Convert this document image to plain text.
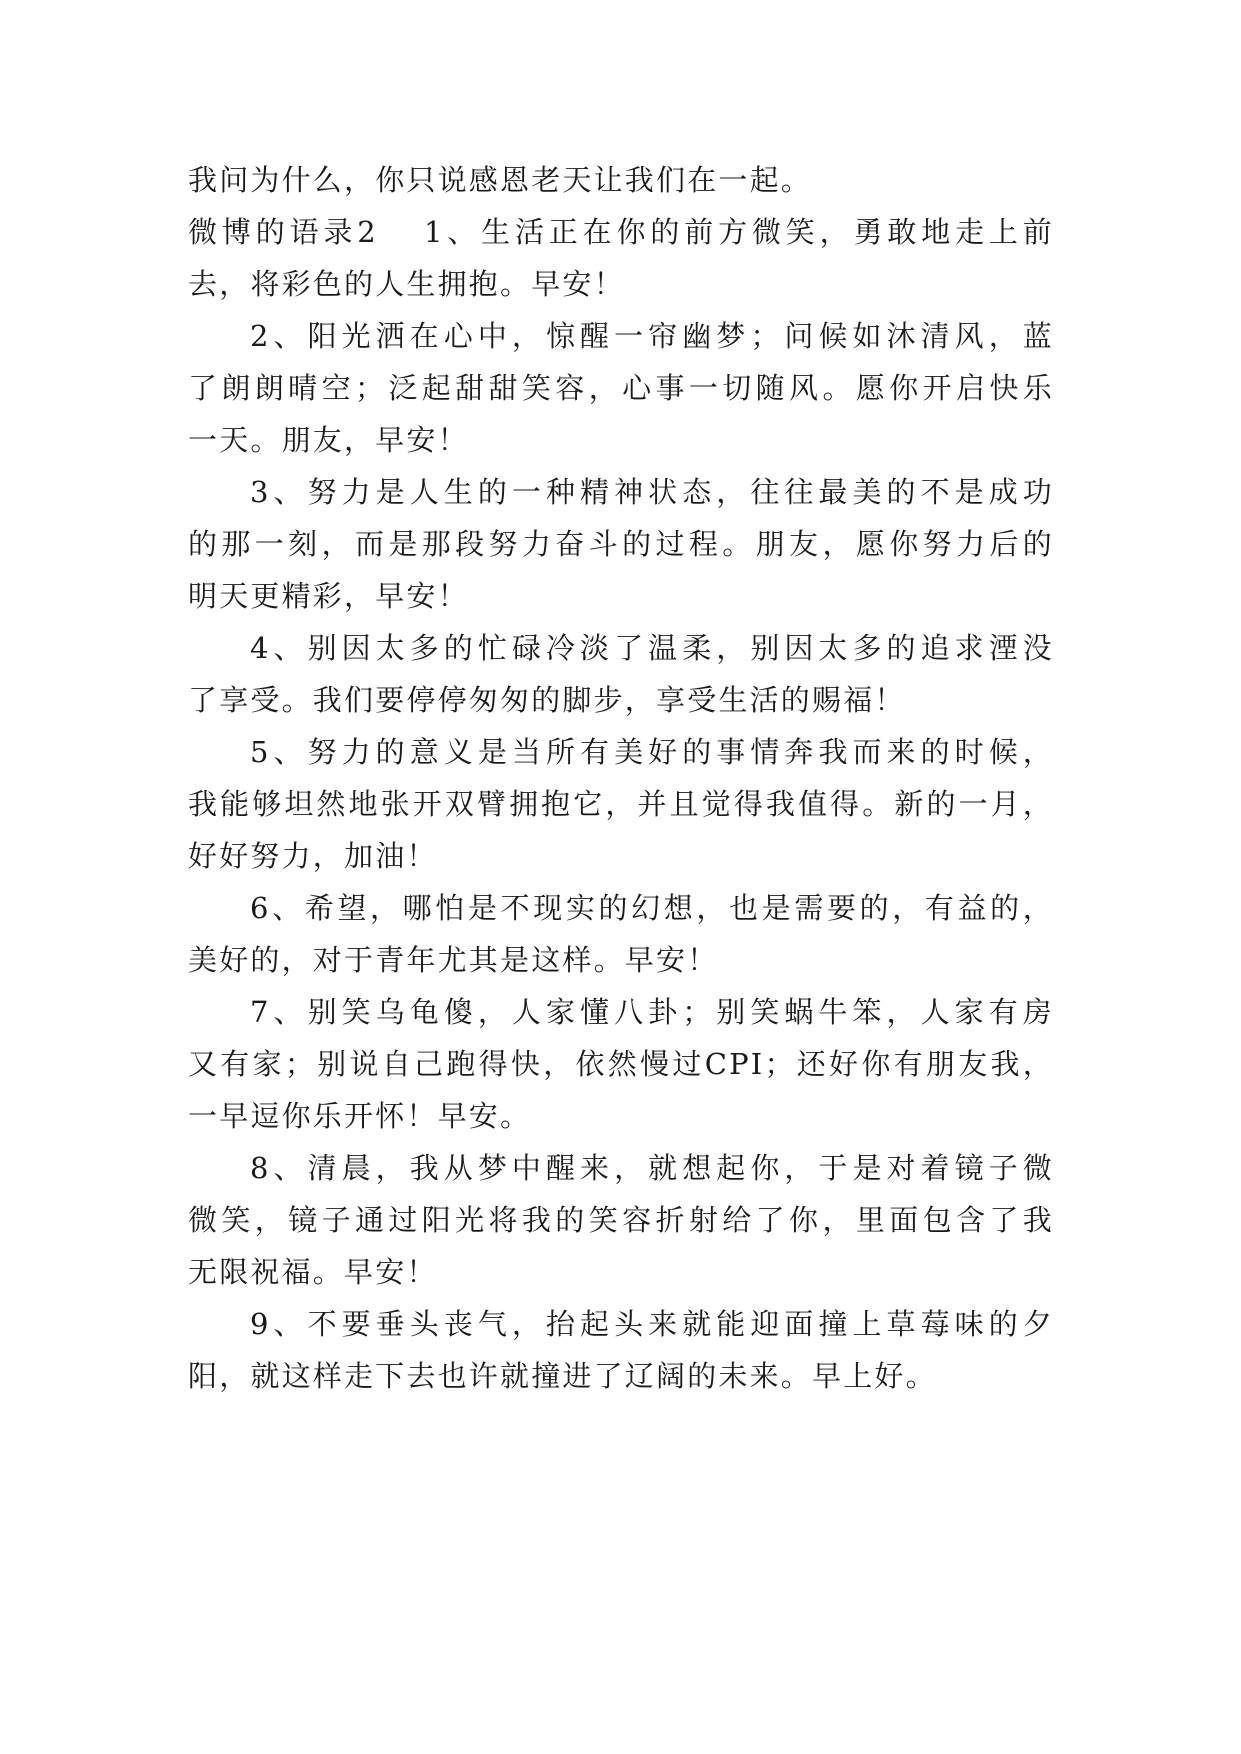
我问为什么，你只说感恩老天让我们在一起。
微博的语录2 1、生活正在你的前方微笑，勇敢地走上前
去，将彩色的人生拥抱。早安！
2、阳光洒在心中，惊醒一帘幽梦；问候如沐清风，蓝
了朗朗晴空；泛起甜甜笑容，心事一切随风。愿你开启快乐
一天。朋友，早安！
3、努力是人生的一种精神状态，往往最美的不是成功
的那一刻，而是那段努力奋斗的过程。朋友，愿你努力后的
明天更精彩，早安！
4、别因太多的忙碌冷淡了温柔，别因太多的追求湮没
了享受。我们要停停匆匆的脚步，享受生活的赐福！
5、努力的意义是当所有美好的事情奔我而来的时候，
我能够坦然地张开双臂拥抱它，并且觉得我值得。新的一月，
好好努力，加油！
6、希望，哪怕是不现实的幻想，也是需要的，有益的，
美好的，对于青年尤其是这样。早安！
7、别笑乌龟傻，人家懂八卦；别笑蜗牛笨，人家有房
又有家；别说自己跑得快，依然慢过CPI；还好你有朋友我，
一早逗你乐开怀！早安。
8、清晨，我从梦中醒来，就想起你，于是对着镜子微
微笑，镜子通过阳光将我的笑容折射给了你，里面包含了我
无限祝福。早安！
9、不要垂头丧气，抬起头来就能迎面撞上草莓味的夕
阳，就这样走下去也许就撞进了辽阔的未来。早上好。
